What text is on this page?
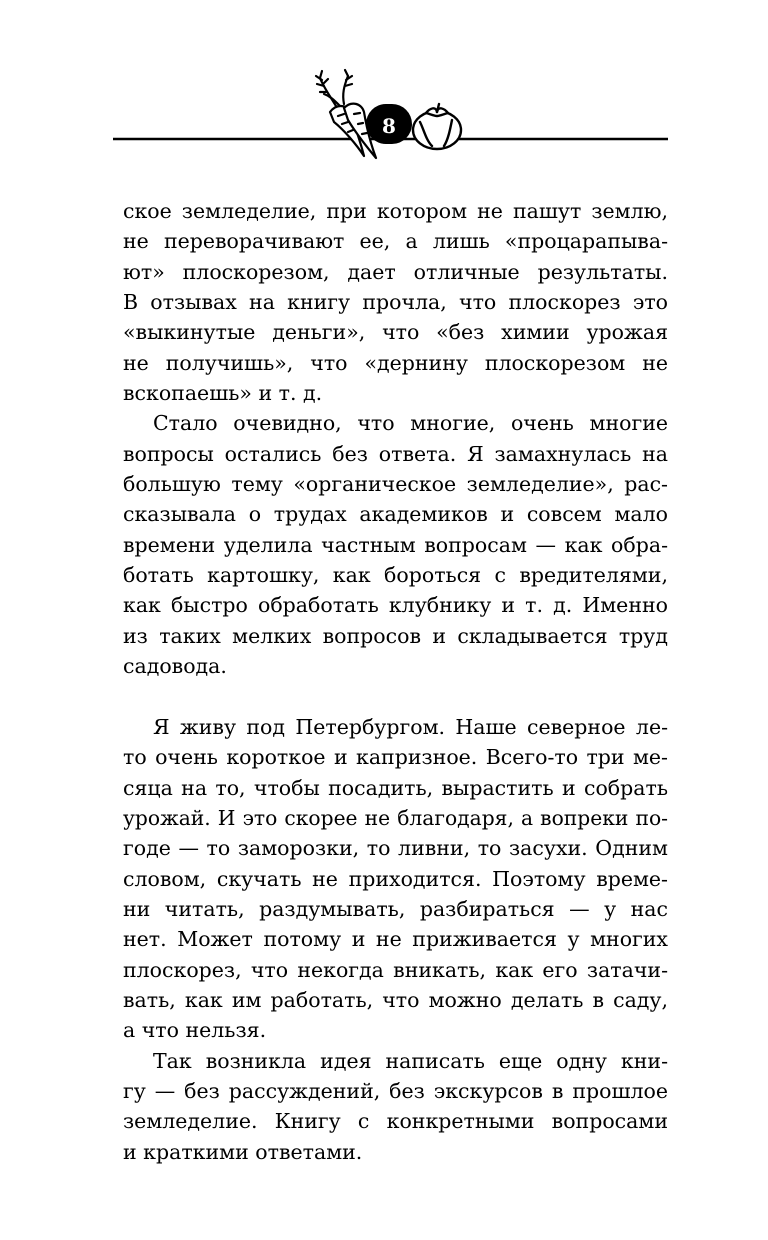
8
ское земледелие, при котором не пашут землю,
не переворачивают ее, а лишь «процарапыва-
ют» плоскорезом, дает отличные результаты.
В отзывах на книгу прочла, что плоскорез это
«выкинутые деньги», что «без химии урожая
не получишь», что «дернину плоскорезом не
вскопаешь» и т. д.
Стало очевидно, что многие, очень многие
вопросы остались без ответа. Я замахнулась на
большую тему «органическое земледелие», рас-
сказывала о трудах академиков и совсем мало
времени уделила частным вопросам — как обра-
ботать картошку, как бороться с вредителями,
как быстро обработать клубнику и т. д. Именно
из таких мелких вопросов и складывается труд
садовода.
Я живу под Петербургом. Наше северное ле-
то очень короткое и капризное. Всего-то три ме-
сяца на то, чтобы посадить, вырастить и собрать
урожай. И это скорее не благодаря, а вопреки по-
годе — то заморозки, то ливни, то засухи. Одним
словом, скучать не приходится. Поэтому време-
ни читать, раздумывать, разбираться — у нас
нет. Может потому и не приживается у многих
плоскорез, что некогда вникать, как его затачи-
вать, как им работать, что можно делать в саду,
а что нельзя.
Так возникла идея написать еще одну кни-
гу — без рассуждений, без экскурсов в прошлое
земледелие. Книгу с конкретными вопросами
и краткими ответами.
